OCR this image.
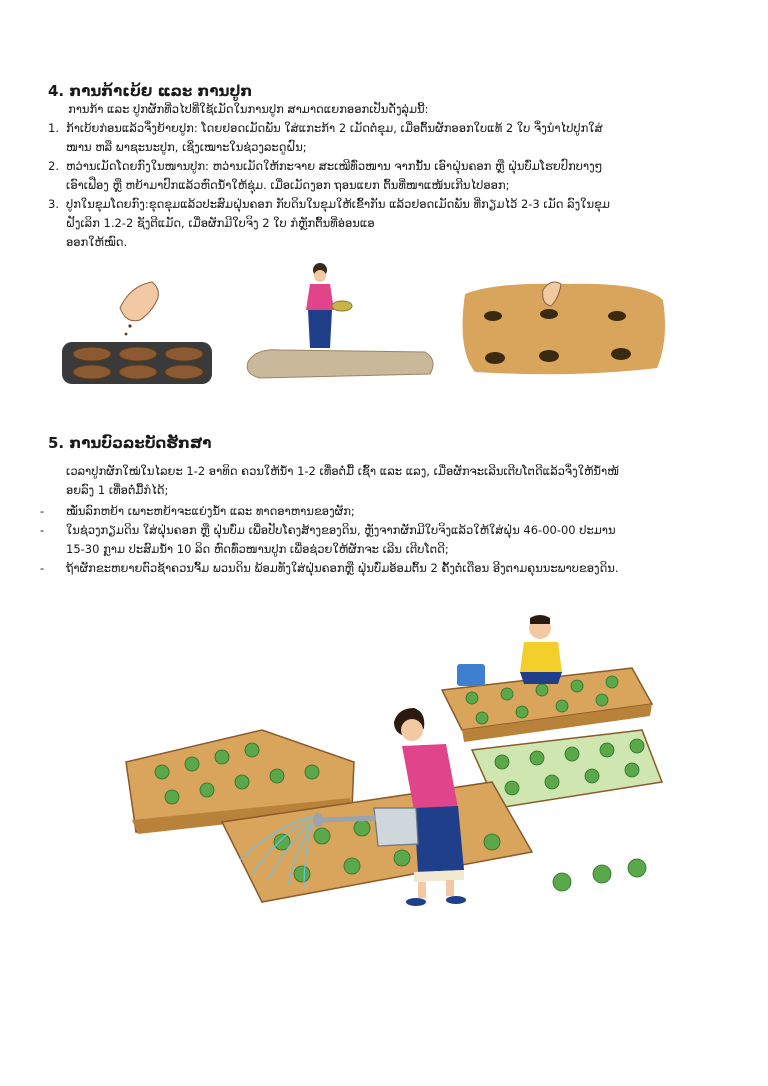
4. ການກ້າເບ້ຍ ແລະ ການປູກ
ການກ້າ ແລະ ປູກຜັກທີ່ວໄປທີ່ໃຊ້ເມັດໃນການປູກ ສາມາດແຍກອອກເປັນດັ່ງລຸ່ມນີ້:
1. ກ້າເບ້ຍກ່ອນແລ້ວຈຶ່ງຍ້າຍປູກ: ໂດຍຢອດເມັດພັນ ໃສ່ແກະກ້າ 2 ເມັດຕໍ່ຂຸມ, ເມື່ອຕົ້ນຜັກອອກໃບແທ້ 2 ໃບ ຈຶ່ງນຳໄປປູກໃສ່
ໜານ ຫລື ພາຊະນະປູກ, ເຊິ່ງເໝາະໃນຊ່ວງລະດູຝົນ;
2. ຫວ່ານເມັດໂດຍກົງໃນໜານປູກ: ຫວ່ານເມັດໃຫ້ກະຈາຍ ສະເໝີທົ່ວໜານ ຈາກນັ້ນ ເອົາຝຸ່ນຄອກ ຫຼື ຝຸ່ນບົ່ມໂຮຍປົກບາງໆ
ເອົາເຟືອງ ຫຼື ຫຍ້າມາປົກແລ້ວຫົດນ້ຳໃຫ້ຊຸ່ມ. ເມື່ອເມັດງອກ ຖອນແຍກ ຕົ້ນທີ່ໜາແໜ້ນເກີນໄປອອກ;
3. ປູກໃນຂຸມໂດຍກົງ:ຂຸດຂຸມແລ້ວປະສົມຝຸ່ນຄອກ ກັບດິນໃນຂຸມໃຫ້ເຂົ້າກັນ ແລ້ວຢອດເມັດພັນ ທີ່ກຽມໄວ້ 2-3 ເມັດ ລົງໃນຂຸມ
ຝັງເລິກ 1.2-2 ຊັງຕີແມັດ, ເມື່ອຜັກມີໃບຈິງ 2 ໃບ ກໍຫຼັກຕົ້ນທີ່ອ່ອນແອ
ອອກໃຫ້ໝົດ.
5. ການບົວລະບັດຮັກສາ
ເວລາປູກຜັກໃໝ່ໃນໄລຍະ 1-2 ອາທິດ ຄວນໃຫ້ນ້ຳ 1-2 ເທື່ອຕໍ່ມື້ ເຊົ້າ ແລະ ແລງ, ເມື່ອຜັກຈະເລີນເຕີບໂຕດີແລ້ວຈຶ່ງໃຫ້ນ້ຳໜ້
ອຍລົງ 1 ເທື່ອຕໍ່ມື້ກໍໄດ້;
- ໝັ່ນລົກຫຍ້າ ເພາະຫຍ້າຈະແຍ່ງນ້ຳ ແລະ ທາດອາຫານຂອງຜັກ;
- ໃນຊ່ວງກຽມດິນ ໃສ່ຝຸ່ນຄອກ ຫຼື ຝຸ່ນບົ່ມ ເພື່ອປັບໂຄງສ້າງຂອງດິນ, ຫຼັງຈາກຜັກມີໃບຈິງແລ້ວໃຫ້ໃສ່ຝຸ່ນ 46-00-00 ປະມານ
15-30 ກຼາມ ປະສົມນ້ຳ 10 ລິດ ຫົດທົ່ວໜານປູກ ເພື່ອຊ່ວຍໃຫ້ຜັກຈະ ເລີນ ເຕີບໂຕດີ;
- ຖ້າຜັກຂະຫຍາຍຕົວຊ້າຄວນຈົ້ມ ພວນດິນ ພ້ອມທັງໃສ່ຝຸ່ນຄອກຫຼື ຝຸ່ນບົ່ມອ້ອມຕົ້ນ 2 ຄັ້ງຕໍ່ເດືອນ ອີງຕາມຄຸນນະພາບຂອງດິນ.
